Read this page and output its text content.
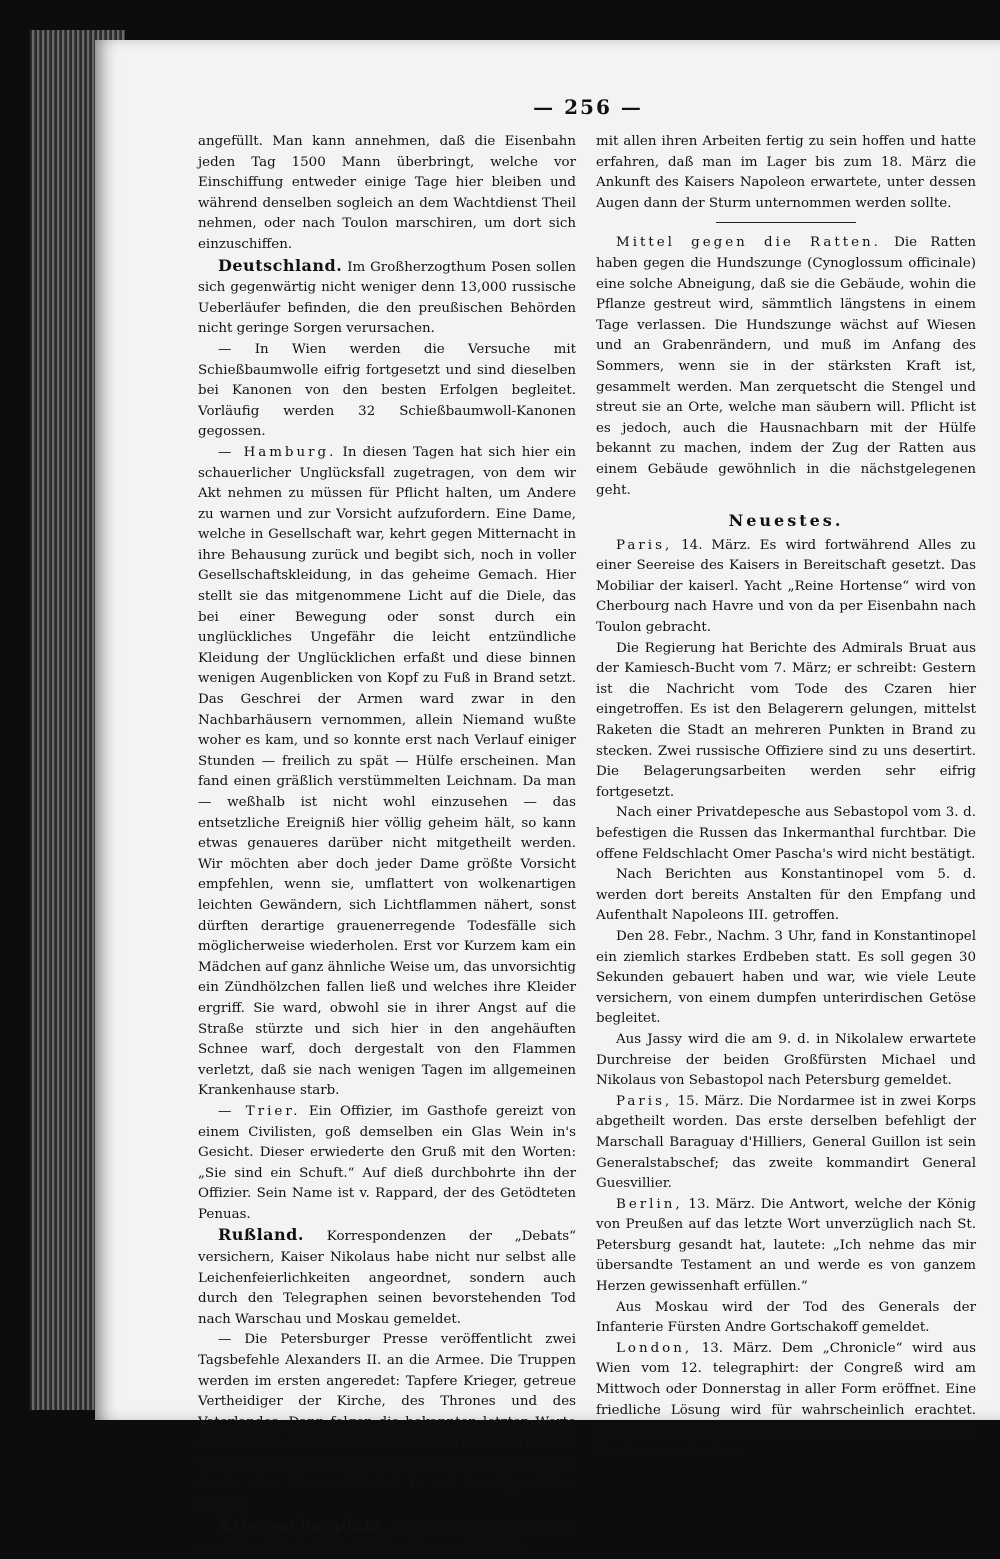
— 256 —

angefüllt. Man kann annehmen, daß die Eisenbahn jeden Tag 1500 Mann überbringt, welche vor Einschiffung entweder einige Tage hier bleiben und während denselben sogleich an dem Wachtdienst Theil nehmen, oder nach Toulon marschiren, um dort sich einzuschiffen.

Deutschland. Im Großherzogthum Posen sollen sich gegenwärtig nicht weniger denn 13,000 russische Ueberläufer befinden, die den preußischen Behörden nicht geringe Sorgen verursachen.

— In Wien werden die Versuche mit Schießbaumwolle eifrig fortgesetzt und sind dieselben bei Kanonen von den besten Erfolgen begleitet. Vorläufig werden 32 Schießbaumwoll-Kanonen gegossen.

— Hamburg. In diesen Tagen hat sich hier ein schauerlicher Unglücksfall zugetragen, von dem wir Akt nehmen zu müssen für Pflicht halten, um Andere zu warnen und zur Vorsicht aufzufordern. Eine Dame, welche in Gesellschaft war, kehrt gegen Mitternacht in ihre Behausung zurück und begibt sich, noch in voller Gesellschaftskleidung, in das geheime Gemach. Hier stellt sie das mitgenommene Licht auf die Diele, das bei einer Bewegung oder sonst durch ein unglückliches Ungefähr die leicht entzündliche Kleidung der Unglücklichen erfaßt und diese binnen wenigen Augenblicken von Kopf zu Fuß in Brand setzt. Das Geschrei der Armen ward zwar in den Nachbarhäusern vernommen, allein Niemand wußte woher es kam, und so konnte erst nach Verlauf einiger Stunden — freilich zu spät — Hülfe erscheinen. Man fand einen gräßlich verstümmelten Leichnam. Da man — weßhalb ist nicht wohl einzusehen — das entsetzliche Ereigniß hier völlig geheim hält, so kann etwas genaueres darüber nicht mitgetheilt werden. Wir möchten aber doch jeder Dame größte Vorsicht empfehlen, wenn sie, umflattert von wolkenartigen leichten Gewändern, sich Lichtflammen nähert, sonst dürften derartige grauenerregende Todesfälle sich möglicherweise wiederholen. Erst vor Kurzem kam ein Mädchen auf ganz ähnliche Weise um, das unvorsichtig ein Zündhölzchen fallen ließ und welches ihre Kleider ergriff. Sie ward, obwohl sie in ihrer Angst auf die Straße stürzte und sich hier in den angehäuften Schnee warf, doch dergestalt von den Flammen verletzt, daß sie nach wenigen Tagen im allgemeinen Krankenhause starb.

— Trier. Ein Offizier, im Gasthofe gereizt von einem Civilisten, goß demselben ein Glas Wein in's Gesicht. Dieser erwiederte den Gruß mit den Worten: „Sie sind ein Schuft.“ Auf dieß durchbohrte ihn der Offizier. Sein Name ist v. Rappard, der des Getödteten Penuas.

Rußland. Korrespondenzen der „Debats“ versichern, Kaiser Nikolaus habe nicht nur selbst alle Leichenfeierlichkeiten angeordnet, sondern auch durch den Telegraphen seinen bevorstehenden Tod nach Warschau und Moskau gemeldet.

— Die Petersburger Presse veröffentlicht zwei Tagsbefehle Alexanders II. an die Armee. Die Truppen werden im ersten angeredet: Tapfere Krieger, getreue Vertheidiger der Kirche, des Thrones und des Vaterlandes. Dann folgen die bekannten letzten Worte des Kaisers. Der zweite setzt die Garde als Erbin der von Nikolaus getragenen Uniform ein. Auch sollen alle Grade den Namen Nikolai I. auf den Epauletten tragen.

Kriegsschauplatz. Aus Odessa schreibt man vom 26. v. M., daß die Alliirten bis zum 24. März

mit allen ihren Arbeiten fertig zu sein hoffen und hatte erfahren, daß man im Lager bis zum 18. März die Ankunft des Kaisers Napoleon erwartete, unter dessen Augen dann der Sturm unternommen werden sollte.

Mittel gegen die Ratten. Die Ratten haben gegen die Hundszunge (Cynoglossum officinale) eine solche Abneigung, daß sie die Gebäude, wohin die Pflanze gestreut wird, sämmtlich längstens in einem Tage verlassen. Die Hundszunge wächst auf Wiesen und an Grabenrändern, und muß im Anfang des Sommers, wenn sie in der stärksten Kraft ist, gesammelt werden. Man zerquetscht die Stengel und streut sie an Orte, welche man säubern will. Pflicht ist es jedoch, auch die Hausnachbarn mit der Hülfe bekannt zu machen, indem der Zug der Ratten aus einem Gebäude gewöhnlich in die nächstgelegenen geht.

Neuestes.

Paris, 14. März. Es wird fortwährend Alles zu einer Seereise des Kaisers in Bereitschaft gesetzt. Das Mobiliar der kaiserl. Yacht „Reine Hortense“ wird von Cherbourg nach Havre und von da per Eisenbahn nach Toulon gebracht.

Die Regierung hat Berichte des Admirals Bruat aus der Kamiesch-Bucht vom 7. März; er schreibt: Gestern ist die Nachricht vom Tode des Czaren hier eingetroffen. Es ist den Belagerern gelungen, mittelst Raketen die Stadt an mehreren Punkten in Brand zu stecken. Zwei russische Offiziere sind zu uns desertirt. Die Belagerungsarbeiten werden sehr eifrig fortgesetzt.

Nach einer Privatdepesche aus Sebastopol vom 3. d. befestigen die Russen das Inkermanthal furchtbar. Die offene Feldschlacht Omer Pascha's wird nicht bestätigt.

Nach Berichten aus Konstantinopel vom 5. d. werden dort bereits Anstalten für den Empfang und Aufenthalt Napoleons III. getroffen.

Den 28. Febr., Nachm. 3 Uhr, fand in Konstantinopel ein ziemlich starkes Erdbeben statt. Es soll gegen 30 Sekunden gebauert haben und war, wie viele Leute versichern, von einem dumpfen unterirdischen Getöse begleitet.

Aus Jassy wird die am 9. d. in Nikolalew erwartete Durchreise der beiden Großfürsten Michael und Nikolaus von Sebastopol nach Petersburg gemeldet.

Paris, 15. März. Die Nordarmee ist in zwei Korps abgetheilt worden. Das erste derselben befehligt der Marschall Baraguay d'Hilliers, General Guillon ist sein Generalstabschef; das zweite kommandirt General Guesvillier.

Berlin, 13. März. Die Antwort, welche der König von Preußen auf das letzte Wort unverzüglich nach St. Petersburg gesandt hat, lautete: „Ich nehme das mir übersandte Testament an und werde es von ganzem Herzen gewissenhaft erfüllen.“

Aus Moskau wird der Tod des Generals der Infanterie Fürsten Andre Gortschakoff gemeldet.

London, 13. März. Dem „Chronicle“ wird aus Wien vom 12. telegraphirt: der Congreß wird am Mittwoch oder Donnerstag in aller Form eröffnet. Eine friedliche Lösung wird für wahrscheinlich erachtet. Graf Alvensleben wird wahrscheinlich Preußen bei der Conferenz vertreten.
